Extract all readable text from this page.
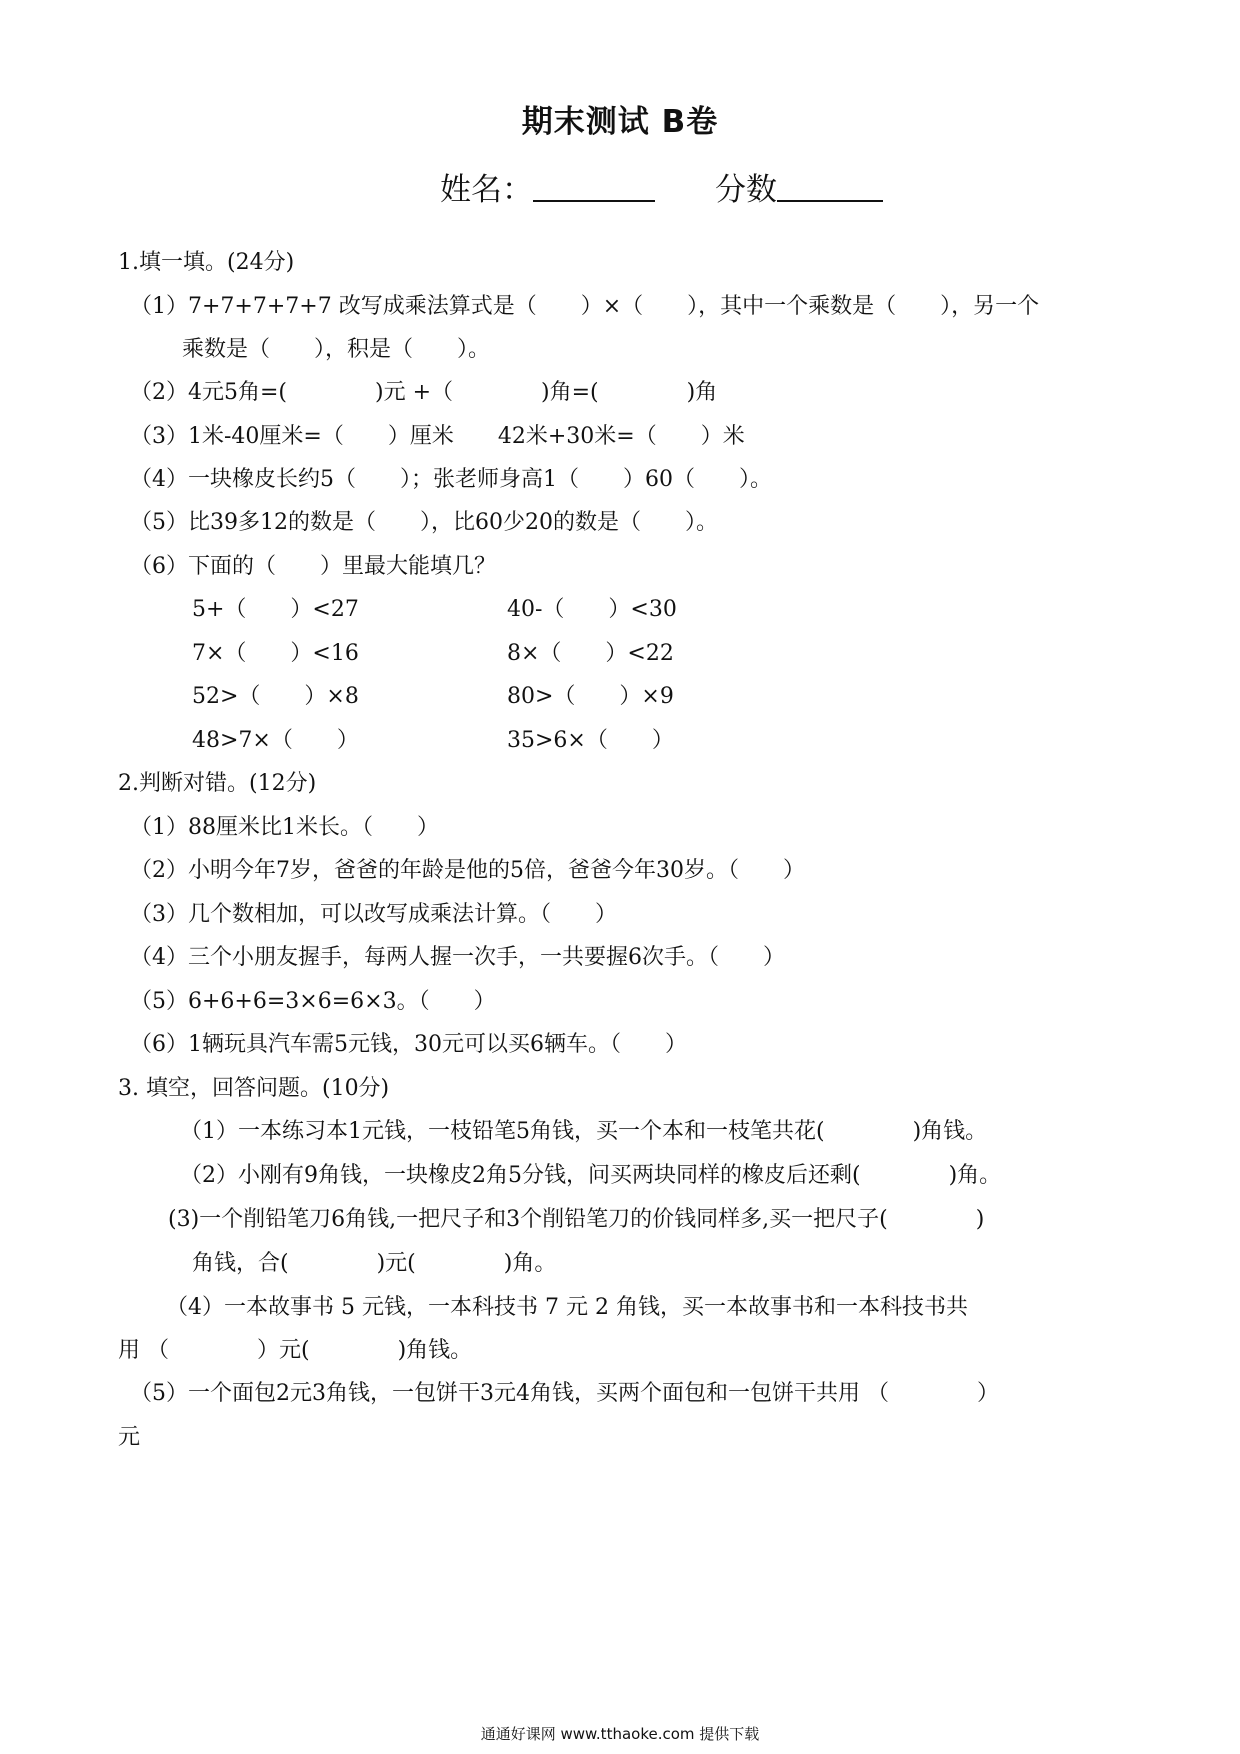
期末测试 B卷
姓名：	分数
1.填一填。(24分)
（1）7+7+7+7+7 改写成乘法算式是（　　）×（　　），其中一个乘数是（　　），另一个
乘数是（　　），积是（　　）。
（2）4元5角=(　　　　)元 +（　　　　)角=(　　　　)角
（3）1米-40厘米=（　　）厘米　　42米+30米=（　　）米
（4）一块橡皮长约5（　　）；张老师身高1（　　）60（　　）。
（5）比39多12的数是（　　），比60少20的数是（　　）。
（6）下面的（　　）里最大能填几？
5+（　　）<27	40-（　　）<30
7×（　　）<16	8×（　　）<22
52>（　　）×8	80>（　　）×9
48>7×（　　）	35>6×（　　）
2.判断对错。(12分)
（1）88厘米比1米长。（　　）
（2）小明今年7岁，爸爸的年龄是他的5倍，爸爸今年30岁。（　　）
（3）几个数相加，可以改写成乘法计算。（　　）
（4）三个小朋友握手，每两人握一次手，一共要握6次手。（　　）
（5）6+6+6=3×6=6×3。（　　）
（6）1辆玩具汽车需5元钱，30元可以买6辆车。（　　）
3. 填空，回答问题。(10分)
（1）一本练习本1元钱，一枝铅笔5角钱，买一个本和一枝笔共花(　　　　)角钱。
（2）小刚有9角钱，一块橡皮2角5分钱，问买两块同样的橡皮后还剩(　　　　)角。
(3)一个削铅笔刀6角钱,一把尺子和3个削铅笔刀的价钱同样多,买一把尺子(　　　　)
角钱，合(　　　　)元(　　　　)角。
（4）一本故事书 5 元钱，一本科技书 7 元 2 角钱，买一本故事书和一本科技书共
用 （　　　　）元(　　　　)角钱。
（5）一个面包2元3角钱，一包饼干3元4角钱，买两个面包和一包饼干共用 （　　　　）
元
通通好课网 www.tthaoke.com 提供下载
